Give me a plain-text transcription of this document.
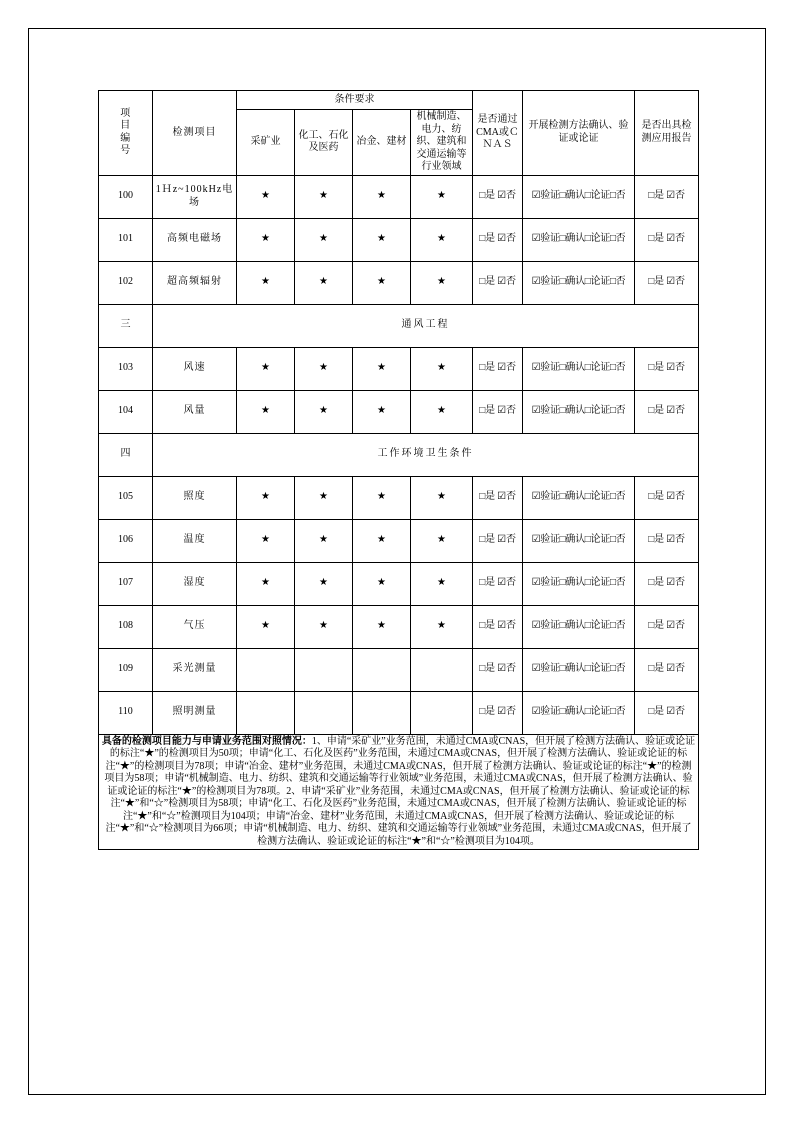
项
目
编
号	检测项目	条件要求				是否通过CMA或ＣＮＡＳ	开展检测方法确认、验证或论证	是否出具检测应用报告
		采矿业	化工、石化及医药	冶金、建材	机械制造、电力、纺织、建筑和交通运输等行业领域			
100	1Ｈz~100kHz电场	★	★	★	★	□是 ☑否	☑验证□确认□论证□否	□是 ☑否
101	高频电磁场	★	★	★	★	□是 ☑否	☑验证□确认□论证□否	□是 ☑否
102	超高频辐射	★	★	★	★	□是 ☑否	☑验证□确认□论证□否	□是 ☑否
三	通风工程							
103	风速	★	★	★	★	□是 ☑否	☑验证□确认□论证□否	□是 ☑否
104	风量	★	★	★	★	□是 ☑否	☑验证□确认□论证□否	□是 ☑否
四	工作环境卫生条件							
105	照度	★	★	★	★	□是 ☑否	☑验证□确认□论证□否	□是 ☑否
106	温度	★	★	★	★	□是 ☑否	☑验证□确认□论证□否	□是 ☑否
107	湿度	★	★	★	★	□是 ☑否	☑验证□确认□论证□否	□是 ☑否
108	气压	★	★	★	★	□是 ☑否	☑验证□确认□论证□否	□是 ☑否
109	采光测量					□是 ☑否	☑验证□确认□论证□否	□是 ☑否
110	照明测量					□是 ☑否	☑验证□确认□论证□否	□是 ☑否
具备的检测项目能力与申请业务范围对照情况：1、申请“采矿业”业务范围，未通过CMA或CNAS，但开展了检测方法确认、验证或论证的标注“★”的检测项目为50项；申请“化工、石化及医药”业务范围，未通过CMA或CNAS，但开展了检测方法确认、验证或论证的标注“★”的检测项目为78项；申请“冶金、建材”业务范围，未通过CMA或CNAS，但开展了检测方法确认、验证或论证的标注“★”的检测项目为58项；申请“机械制造、电力、纺织、建筑和交通运输等行业领域”业务范围，未通过CMA或CNAS，但开展了检测方法确认、验证或论证的标注“★”的检测项目为78项。2、申请“采矿业”业务范围，未通过CMA或CNAS，但开展了检测方法确认、验证或论证的标注“★”和“☆”检测项目为58项；申请“化工、石化及医药”业务范围，未通过CMA或CNAS，但开展了检测方法确认、验证或论证的标注“★”和“☆”检测项目为104项；申请“冶金、建材”业务范围，未通过CMA或CNAS，但开展了检测方法确认、验证或论证的标注“★”和“☆”检测项目为66项；申请“机械制造、电力、纺织、建筑和交通运输等行业领域”业务范围，未通过CMA或CNAS，但开展了检测方法确认、验证或论证的标注“★”和“☆”检测项目为104项。								
